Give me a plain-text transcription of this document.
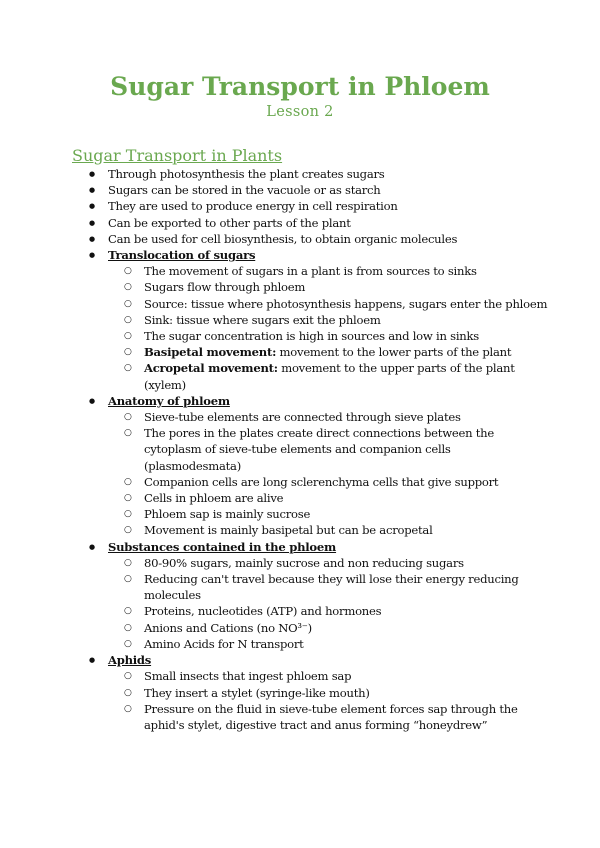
Sugar Transport in Phloem
Lesson 2
Sugar Transport in Plants
● Through photosynthesis the plant creates sugars
● Sugars can be stored in the vacuole or as starch
● They are used to produce energy in cell respiration
● Can be exported to other parts of the plant
● Can be used for cell biosynthesis, to obtain organic molecules
● Translocation of sugars
○ The movement of sugars in a plant is from sources to sinks
○ Sugars flow through phloem
○ Source: tissue where photosynthesis happens, sugars enter the phloem
○ Sink: tissue where sugars exit the phloem
○ The sugar concentration is high in sources and low in sinks
○ Basipetal movement: movement to the lower parts of the plant
○ Acropetal movement: movement to the upper parts of the plant (xylem)
● Anatomy of phloem
○ Sieve-tube elements are connected through sieve plates
○ The pores in the plates create direct connections between the cytoplasm of sieve-tube elements and companion cells (plasmodesmata)
○ Companion cells are long sclerenchyma cells that give support
○ Cells in phloem are alive
○ Phloem sap is mainly sucrose
○ Movement is mainly basipetal but can be acropetal
● Substances contained in the phloem
○ 80-90% sugars, mainly sucrose and non reducing sugars
○ Reducing can't travel because they will lose their energy reducing molecules
○ Proteins, nucleotides (ATP) and hormones
○ Anions and Cations (no NO³⁻)
○ Amino Acids for N transport
● Aphids
○ Small insects that ingest phloem sap
○ They insert a stylet (syringe-like mouth)
○ Pressure on the fluid in sieve-tube element forces sap through the aphid's stylet, digestive tract and anus forming “honeydrew”
